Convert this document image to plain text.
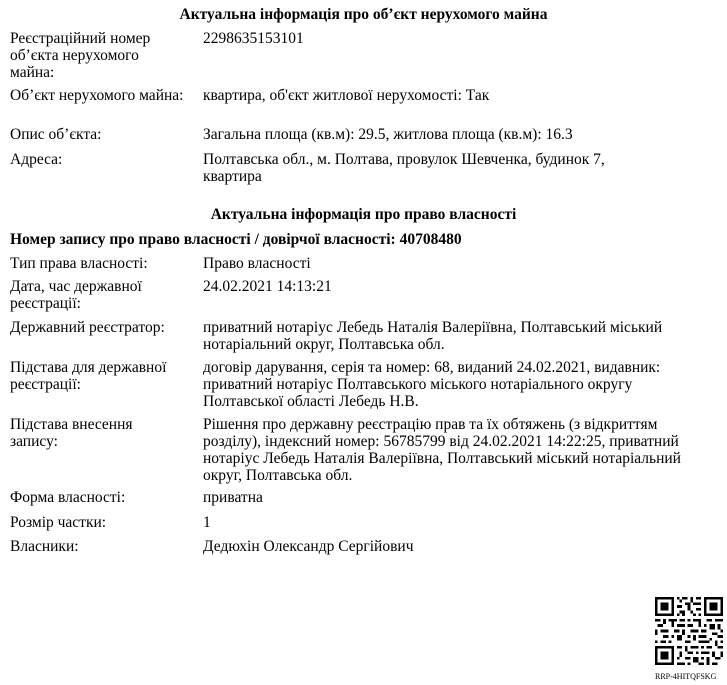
Актуальна інформація про об’єкт нерухомого майна
Реєстраційний номер об’єкта нерухомого майна:
2298635153101
Об’єкт нерухомого майна: квартира, об'єкт житлової нерухомості: Так
Опис об’єкта:	Загальна площа (кв.м): 29.5, житлова площа (кв.м): 16.3
Адреса:	Полтавська обл., м. Полтава, провулок Шевченка, будинок 7, квартира
Актуальна інформація про право власності
Номер запису про право власності / довірчої власності: 40708480
Тип права власності:	Право власності
Дата, час державної реєстрації:
24.02.2021 14:13:21
Державний реєстратор:	приватний нотаріус Лебедь Наталія Валеріївна, Полтавський міський нотаріальний округ, Полтавська обл.
Підстава для державної реєстрації:
договір дарування, серія та номер: 68, виданий 24.02.2021, видавник: приватний нотаріус Полтавського міського нотаріального округу Полтавської області Лебедь Н.В.
Підстава внесення запису:
Рішення про державну реєстрацію прав та їх обтяжень (з відкриттям розділу), індексний номер: 56785799 від 24.02.2021 14:22:25, приватний нотаріус Лебедь Наталія Валеріївна, Полтавський міський нотаріальний округ, Полтавська обл.
Форма власності:	приватна
Розмір частки:	1
Власники:	Дедюхін Олександр Сергійович
RRP-4HITQFSKG
